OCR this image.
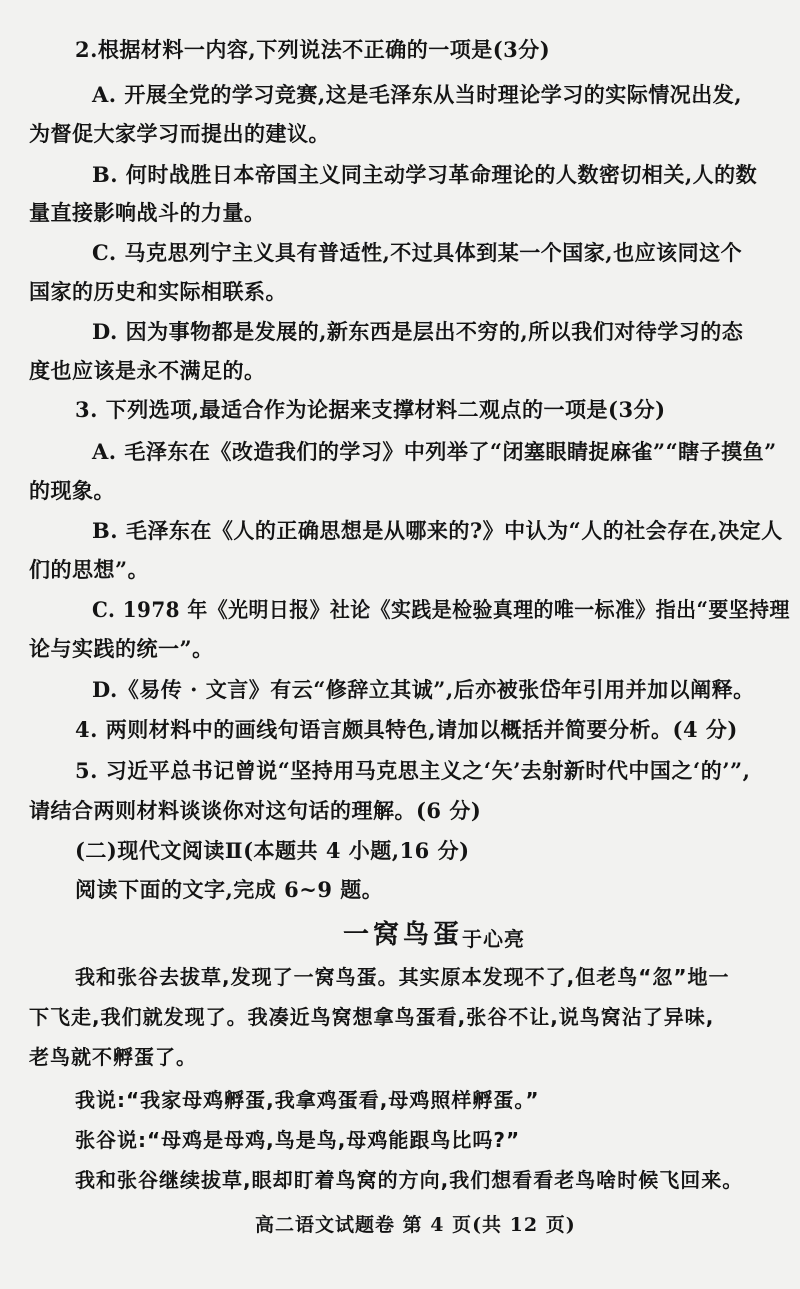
2.根据材料一内容,下列说法不正确的一项是(3分)
A. 开展全党的学习竞赛,这是毛泽东从当时理论学习的实际情况出发,
为督促大家学习而提出的建议。
B. 何时战胜日本帝国主义同主动学习革命理论的人数密切相关,人的数
量直接影响战斗的力量。
C. 马克思列宁主义具有普适性,不过具体到某一个国家,也应该同这个
国家的历史和实际相联系。
D. 因为事物都是发展的,新东西是层出不穷的,所以我们对待学习的态
度也应该是永不满足的。
3. 下列选项,最适合作为论据来支撑材料二观点的一项是(3分)
A. 毛泽东在《改造我们的学习》中列举了“闭塞眼睛捉麻雀”“瞎子摸鱼”
的现象。
B. 毛泽东在《人的正确思想是从哪来的?》中认为“人的社会存在,决定人
们的思想”。
C. 1978 年《光明日报》社论《实践是检验真理的唯一标准》指出“要坚持理
论与实践的统一”。
D.《易传 · 文言》有云“修辞立其诚”,后亦被张岱年引用并加以阐释。
4. 两则材料中的画线句语言颇具特色,请加以概括并简要分析。(4 分)
5. 习近平总书记曾说“坚持用马克思主义之‘矢’去射新时代中国之‘的’”,
请结合两则材料谈谈你对这句话的理解。(6 分)
(二)现代文阅读Ⅱ(本题共 4 小题,16 分)
阅读下面的文字,完成 6~9 题。
一窝鸟蛋
于心亮
我和张谷去拔草,发现了一窝鸟蛋。其实原本发现不了,但老鸟“忽”地一
下飞走,我们就发现了。我凑近鸟窝想拿鸟蛋看,张谷不让,说鸟窝沾了异味,
老鸟就不孵蛋了。
我说:“我家母鸡孵蛋,我拿鸡蛋看,母鸡照样孵蛋。”
张谷说:“母鸡是母鸡,鸟是鸟,母鸡能跟鸟比吗?”
我和张谷继续拔草,眼却盯着鸟窝的方向,我们想看看老鸟啥时候飞回来。
高二语文试题卷 第 4 页(共 12 页)
